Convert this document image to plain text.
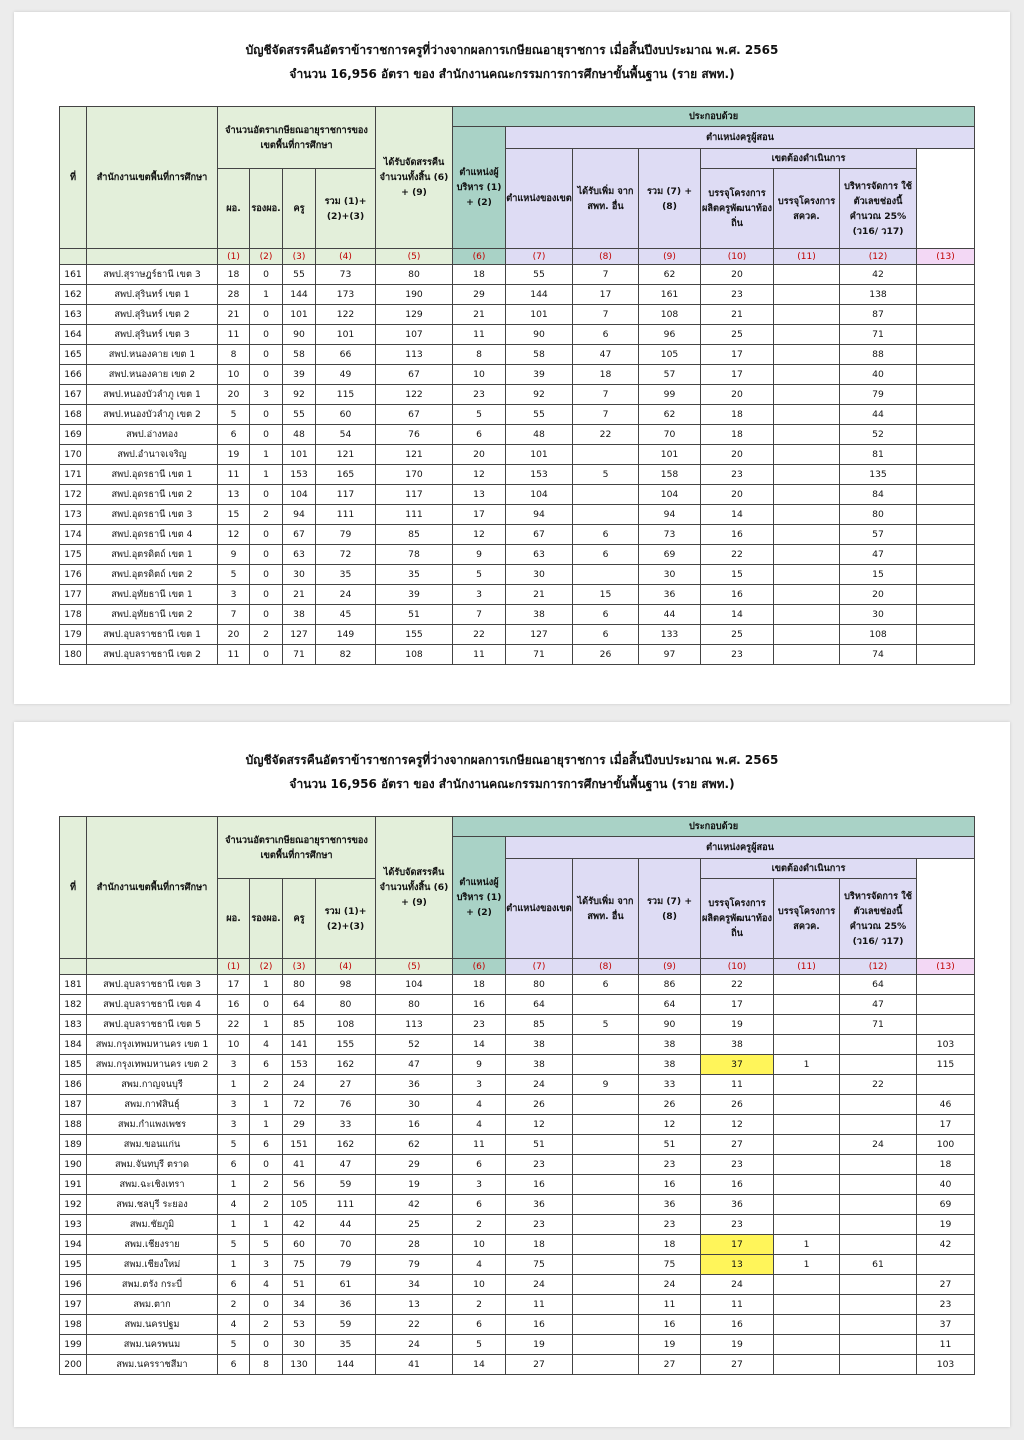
บัญชีจัดสรรคืนอัตราข้าราชการครูที่ว่างจากผลการเกษียณอายุราชการ เมื่อสิ้นปีงบประมาณ พ.ศ. 2565
จำนวน 16,956 อัตรา ของ สำนักงานคณะกรรมการการศึกษาขั้นพื้นฐาน (ราย สพท.)
ที่	สำนักงานเขตพื้นที่การศึกษา	จำนวนอัตราเกษียณอายุราชการของเขตพื้นที่การศึกษา				ได้รับจัดสรรคืน จำนวนทั้งสิ้น (6) + (9)	ประกอบด้วย	
							ตำแหน่งผู้บริหาร (1) + (2)	ตำแหน่งครูผู้สอน							
								ตำแหน่งของเขต	ได้รับเพิ่ม จาก สพท. อื่น	รวม (7) + (8)	เขตต้องดำเนินการ				
		ผอ.	รองผอ.	ครู	รวม (1)+(2)+(3)						บรรจุโครงการผลิตครูพัฒนาท้องถิ่น	บรรจุโครงการ สควค.	บริหารจัดการ ใช้ตัวเลขช่องนี้ คำนวณ 25% (ว16/ ว17)		
		(1)	(2)	(3)	(4)	(5)	(6)	(7)	(8)	(9)	(10)	(11)	(12)	(13)	
161	สพป.สุราษฎร์ธานี เขต 3	18	0	55	73	80	18	55	7	62	20		42		
162	สพป.สุรินทร์ เขต 1	28	1	144	173	190	29	144	17	161	23		138		
163	สพป.สุรินทร์ เขต 2	21	0	101	122	129	21	101	7	108	21		87		
164	สพป.สุรินทร์ เขต 3	11	0	90	101	107	11	90	6	96	25		71		
165	สพป.หนองคาย เขต 1	8	0	58	66	113	8	58	47	105	17		88		
166	สพป.หนองคาย เขต 2	10	0	39	49	67	10	39	18	57	17		40		
167	สพป.หนองบัวลำภู เขต 1	20	3	92	115	122	23	92	7	99	20		79		
168	สพป.หนองบัวลำภู เขต 2	5	0	55	60	67	5	55	7	62	18		44		
169	สพป.อ่างทอง	6	0	48	54	76	6	48	22	70	18		52		
170	สพป.อำนาจเจริญ	19	1	101	121	121	20	101		101	20		81		
171	สพป.อุดรธานี เขต 1	11	1	153	165	170	12	153	5	158	23		135		
172	สพป.อุดรธานี เขต 2	13	0	104	117	117	13	104		104	20		84		
173	สพป.อุดรธานี เขต 3	15	2	94	111	111	17	94		94	14		80		
174	สพป.อุดรธานี เขต 4	12	0	67	79	85	12	67	6	73	16		57		
175	สพป.อุตรดิตถ์ เขต 1	9	0	63	72	78	9	63	6	69	22		47		
176	สพป.อุตรดิตถ์ เขต 2	5	0	30	35	35	5	30		30	15		15		
177	สพป.อุทัยธานี เขต 1	3	0	21	24	39	3	21	15	36	16		20		
178	สพป.อุทัยธานี เขต 2	7	0	38	45	51	7	38	6	44	14		30		
179	สพป.อุบลราชธานี เขต 1	20	2	127	149	155	22	127	6	133	25		108		
180	สพป.อุบลราชธานี เขต 2	11	0	71	82	108	11	71	26	97	23		74		
บัญชีจัดสรรคืนอัตราข้าราชการครูที่ว่างจากผลการเกษียณอายุราชการ เมื่อสิ้นปีงบประมาณ พ.ศ. 2565
จำนวน 16,956 อัตรา ของ สำนักงานคณะกรรมการการศึกษาขั้นพื้นฐาน (ราย สพท.)
ที่	สำนักงานเขตพื้นที่การศึกษา	จำนวนอัตราเกษียณอายุราชการของเขตพื้นที่การศึกษา				ได้รับจัดสรรคืน จำนวนทั้งสิ้น (6) + (9)	ประกอบด้วย	
							ตำแหน่งผู้บริหาร (1) + (2)	ตำแหน่งครูผู้สอน							
								ตำแหน่งของเขต	ได้รับเพิ่ม จาก สพท. อื่น	รวม (7) + (8)	เขตต้องดำเนินการ				
		ผอ.	รองผอ.	ครู	รวม (1)+(2)+(3)						บรรจุโครงการผลิตครูพัฒนาท้องถิ่น	บรรจุโครงการ สควค.	บริหารจัดการ ใช้ตัวเลขช่องนี้ คำนวณ 25% (ว16/ ว17)		
		(1)	(2)	(3)	(4)	(5)	(6)	(7)	(8)	(9)	(10)	(11)	(12)	(13)	
181	สพป.อุบลราชธานี เขต 3	17	1	80	98	104	18	80	6	86	22		64		
182	สพป.อุบลราชธานี เขต 4	16	0	64	80	80	16	64		64	17		47		
183	สพป.อุบลราชธานี เขต 5	22	1	85	108	113	23	85	5	90	19		71		
184	สพม.กรุงเทพมหานคร เขต 1	10	4	141	155	52	14	38		38	38			103	
185	สพม.กรุงเทพมหานคร เขต 2	3	6	153	162	47	9	38		38	37	1		115	
186	สพม.กาญจนบุรี	1	2	24	27	36	3	24	9	33	11		22		
187	สพม.กาฬสินธุ์	3	1	72	76	30	4	26		26	26			46	
188	สพม.กำแพงเพชร	3	1	29	33	16	4	12		12	12			17	
189	สพม.ขอนแก่น	5	6	151	162	62	11	51		51	27		24	100	
190	สพม.จันทบุรี ตราด	6	0	41	47	29	6	23		23	23			18	
191	สพม.ฉะเชิงเทรา	1	2	56	59	19	3	16		16	16			40	
192	สพม.ชลบุรี ระยอง	4	2	105	111	42	6	36		36	36			69	
193	สพม.ชัยภูมิ	1	1	42	44	25	2	23		23	23			19	
194	สพม.เชียงราย	5	5	60	70	28	10	18		18	17	1		42	
195	สพม.เชียงใหม่	1	3	75	79	79	4	75		75	13	1	61		
196	สพม.ตรัง กระบี่	6	4	51	61	34	10	24		24	24			27	
197	สพม.ตาก	2	0	34	36	13	2	11		11	11			23	
198	สพม.นครปฐม	4	2	53	59	22	6	16		16	16			37	
199	สพม.นครพนม	5	0	30	35	24	5	19		19	19			11	
200	สพม.นครราชสีมา	6	8	130	144	41	14	27		27	27			103	
